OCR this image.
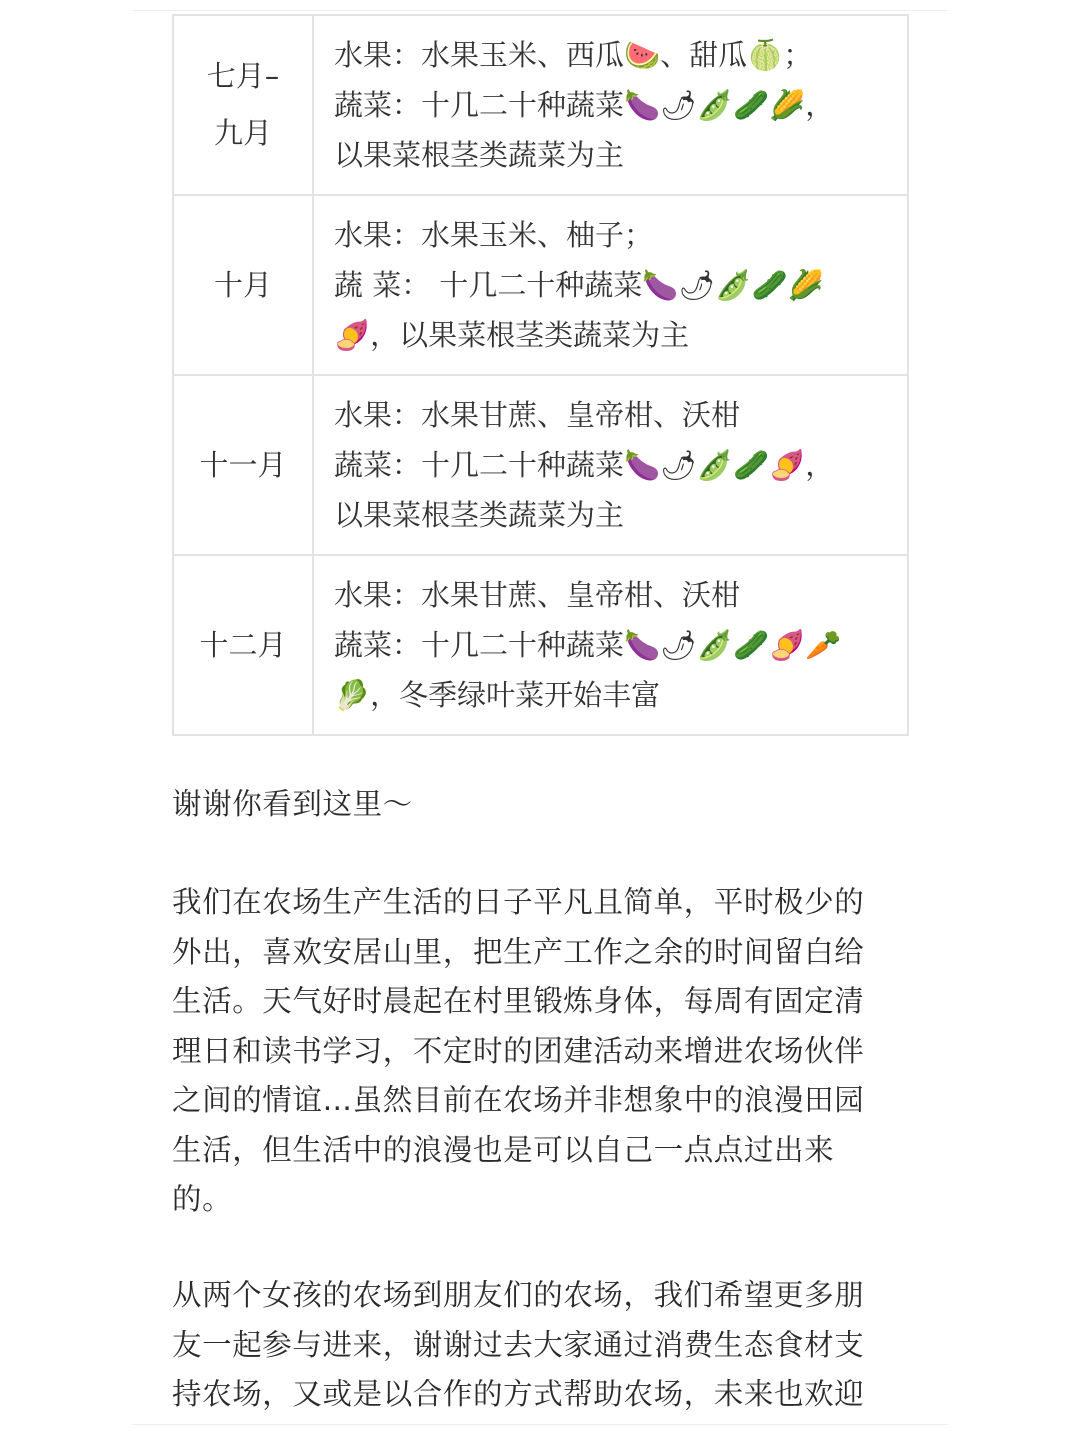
七月–
九月	水果：水果玉米、西瓜🍉、甜瓜🍈；
蔬菜：十几二十种蔬菜🍆🌶🫛🥒🌽，
以果菜根茎类蔬菜为主

十月	水果：水果玉米、柚子；
蔬 菜： 十几二十种蔬菜🍆🌶🫛🥒🌽
🍠，以果菜根茎类蔬菜为主

十一月	水果：水果甘蔗、皇帝柑、沃柑
蔬菜：十几二十种蔬菜🍆🌶🫛🥒🍠，
以果菜根茎类蔬菜为主

十二月	水果：水果甘蔗、皇帝柑、沃柑
蔬菜：十几二十种蔬菜🍆🌶🫛🥒🍠🥕
🥬，冬季绿叶菜开始丰富
谢谢你看到这里～
我们在农场生产生活的日子平凡且简单，平时极少的
外出，喜欢安居山里，把生产工作之余的时间留白给
生活。天气好时晨起在村里锻炼身体，每周有固定清
理日和读书学习，不定时的团建活动来增进农场伙伴
之间的情谊…虽然目前在农场并非想象中的浪漫田园
生活，但生活中的浪漫也是可以自己一点点过出来
的。
从两个女孩的农场到朋友们的农场，我们希望更多朋
友一起参与进来，谢谢过去大家通过消费生态食材支
持农场，又或是以合作的方式帮助农场，未来也欢迎
